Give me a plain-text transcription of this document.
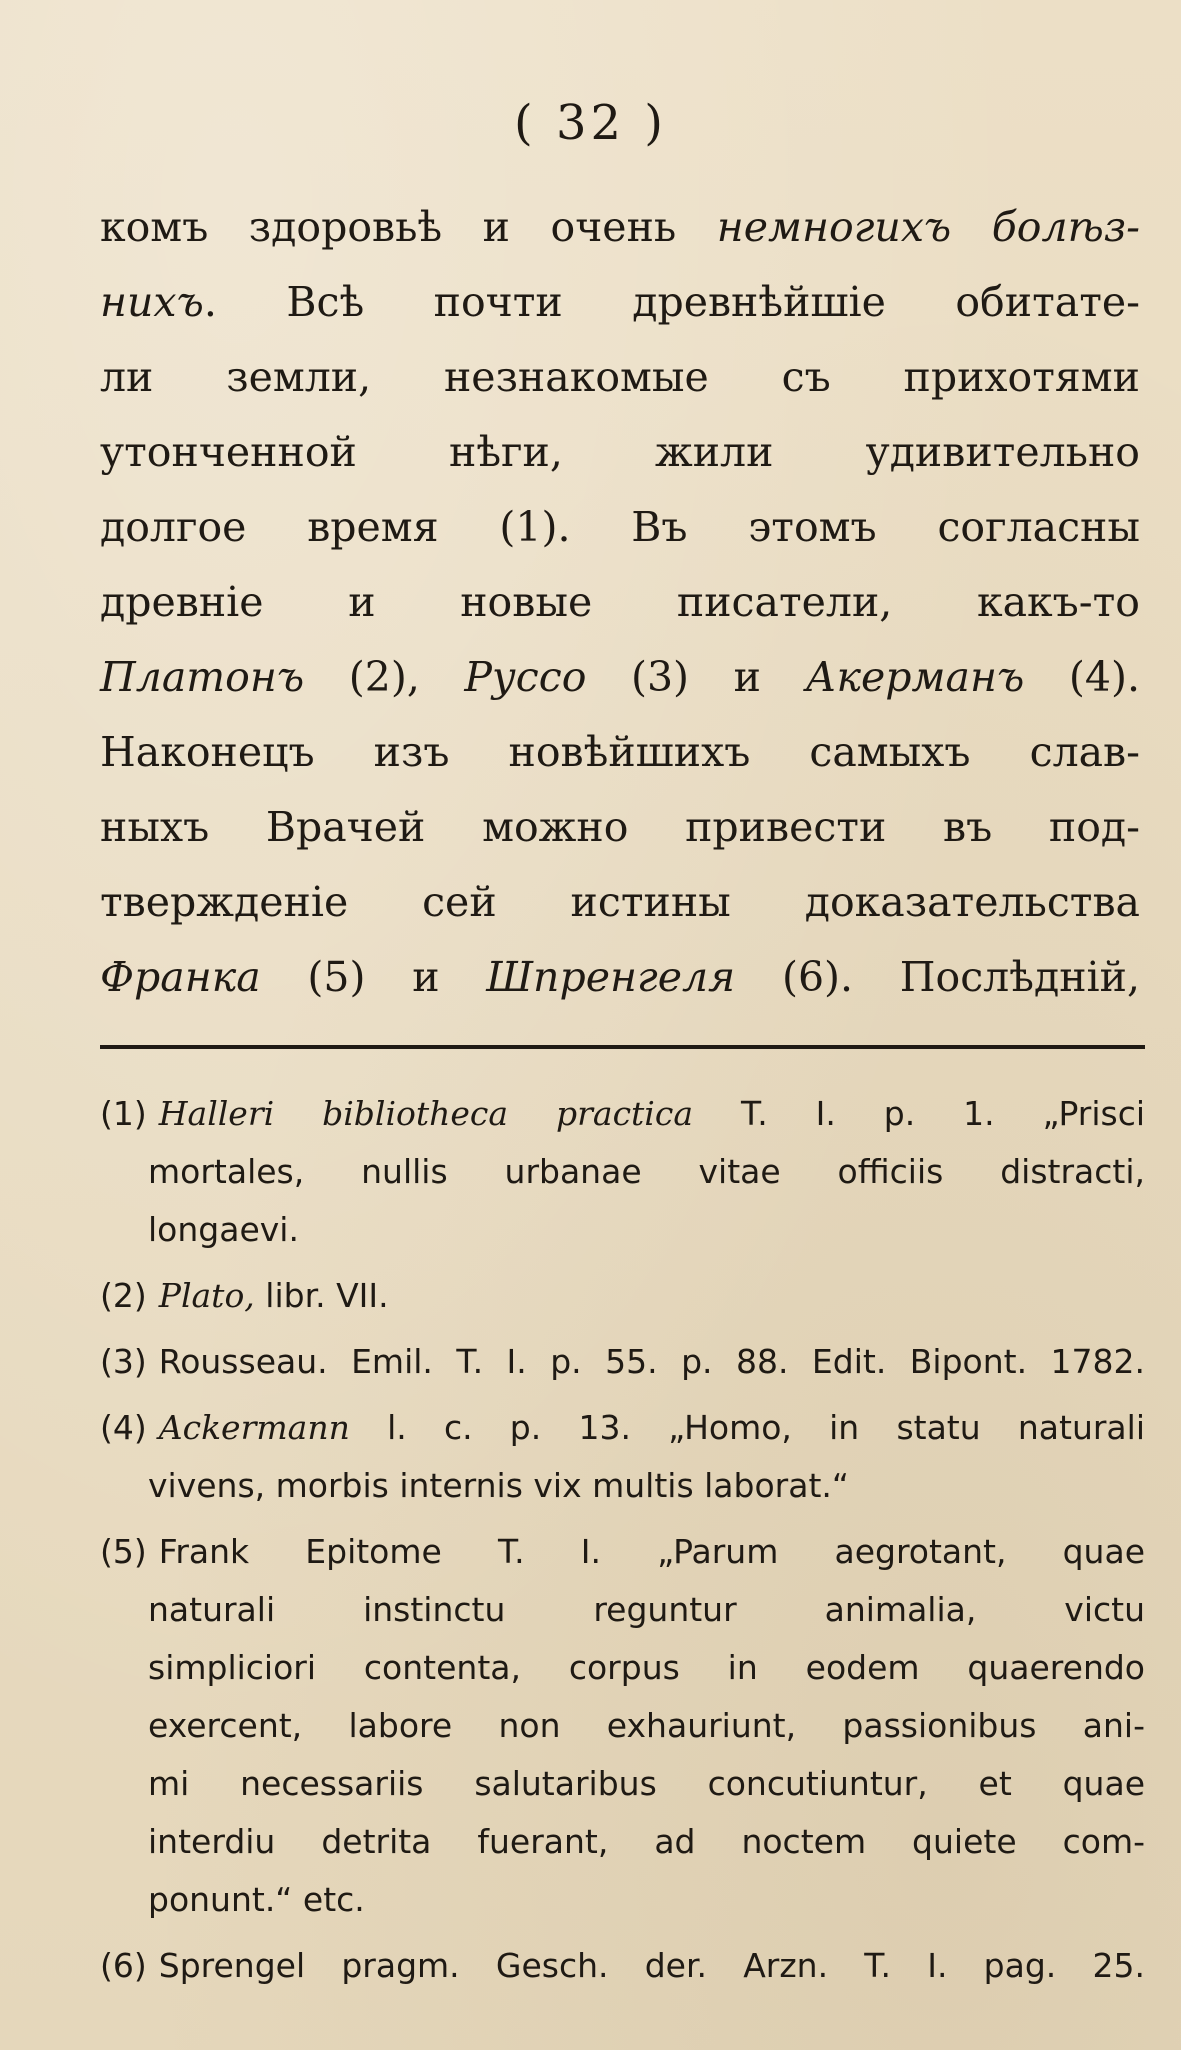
( 32 )
комъ здоровьѣ и очень немногихъ болѣз-
нихъ. Всѣ почти древнѣйшіе обитате-
ли земли, незнакомые съ прихотями
утонченной нѣги, жили удивительно
долгое время (1). Въ этомъ согласны
древніе и новые писатели, какъ-то
Платонъ (2), Руссо (3) и Акерманъ (4).
Наконецъ изъ новѣйшихъ самыхъ слав-
ныхъ Врачей можно привести въ под-
твержденіе сей истины доказательства
Франка (5) и Шпренгеля (6). Послѣдній,
(1) Halleri bibliotheca practica T. I. p. 1. „Prisci
mortales, nullis urbanae vitae officiis distracti,
longaevi.
(2) Plato, libr. VII.
(3) Rousseau. Emil. T. I. p. 55. p. 88. Edit. Bipont. 1782.
(4) Ackermann l. c. p. 13. „Homo, in statu naturali
vivens, morbis internis vix multis laborat.“
(5) Frank Epitome T. I. „Parum aegrotant, quae
naturali instinctu reguntur animalia, victu
simpliciori contenta, corpus in eodem quaerendo
exercent, labore non exhauriunt, passionibus ani-
mi necessariis salutaribus concutiuntur, et quae
interdiu detrita fuerant, ad noctem quiete com-
ponunt.“ etc.
(6) Sprengel pragm. Gesch. der. Arzn. T. I. pag. 25.
